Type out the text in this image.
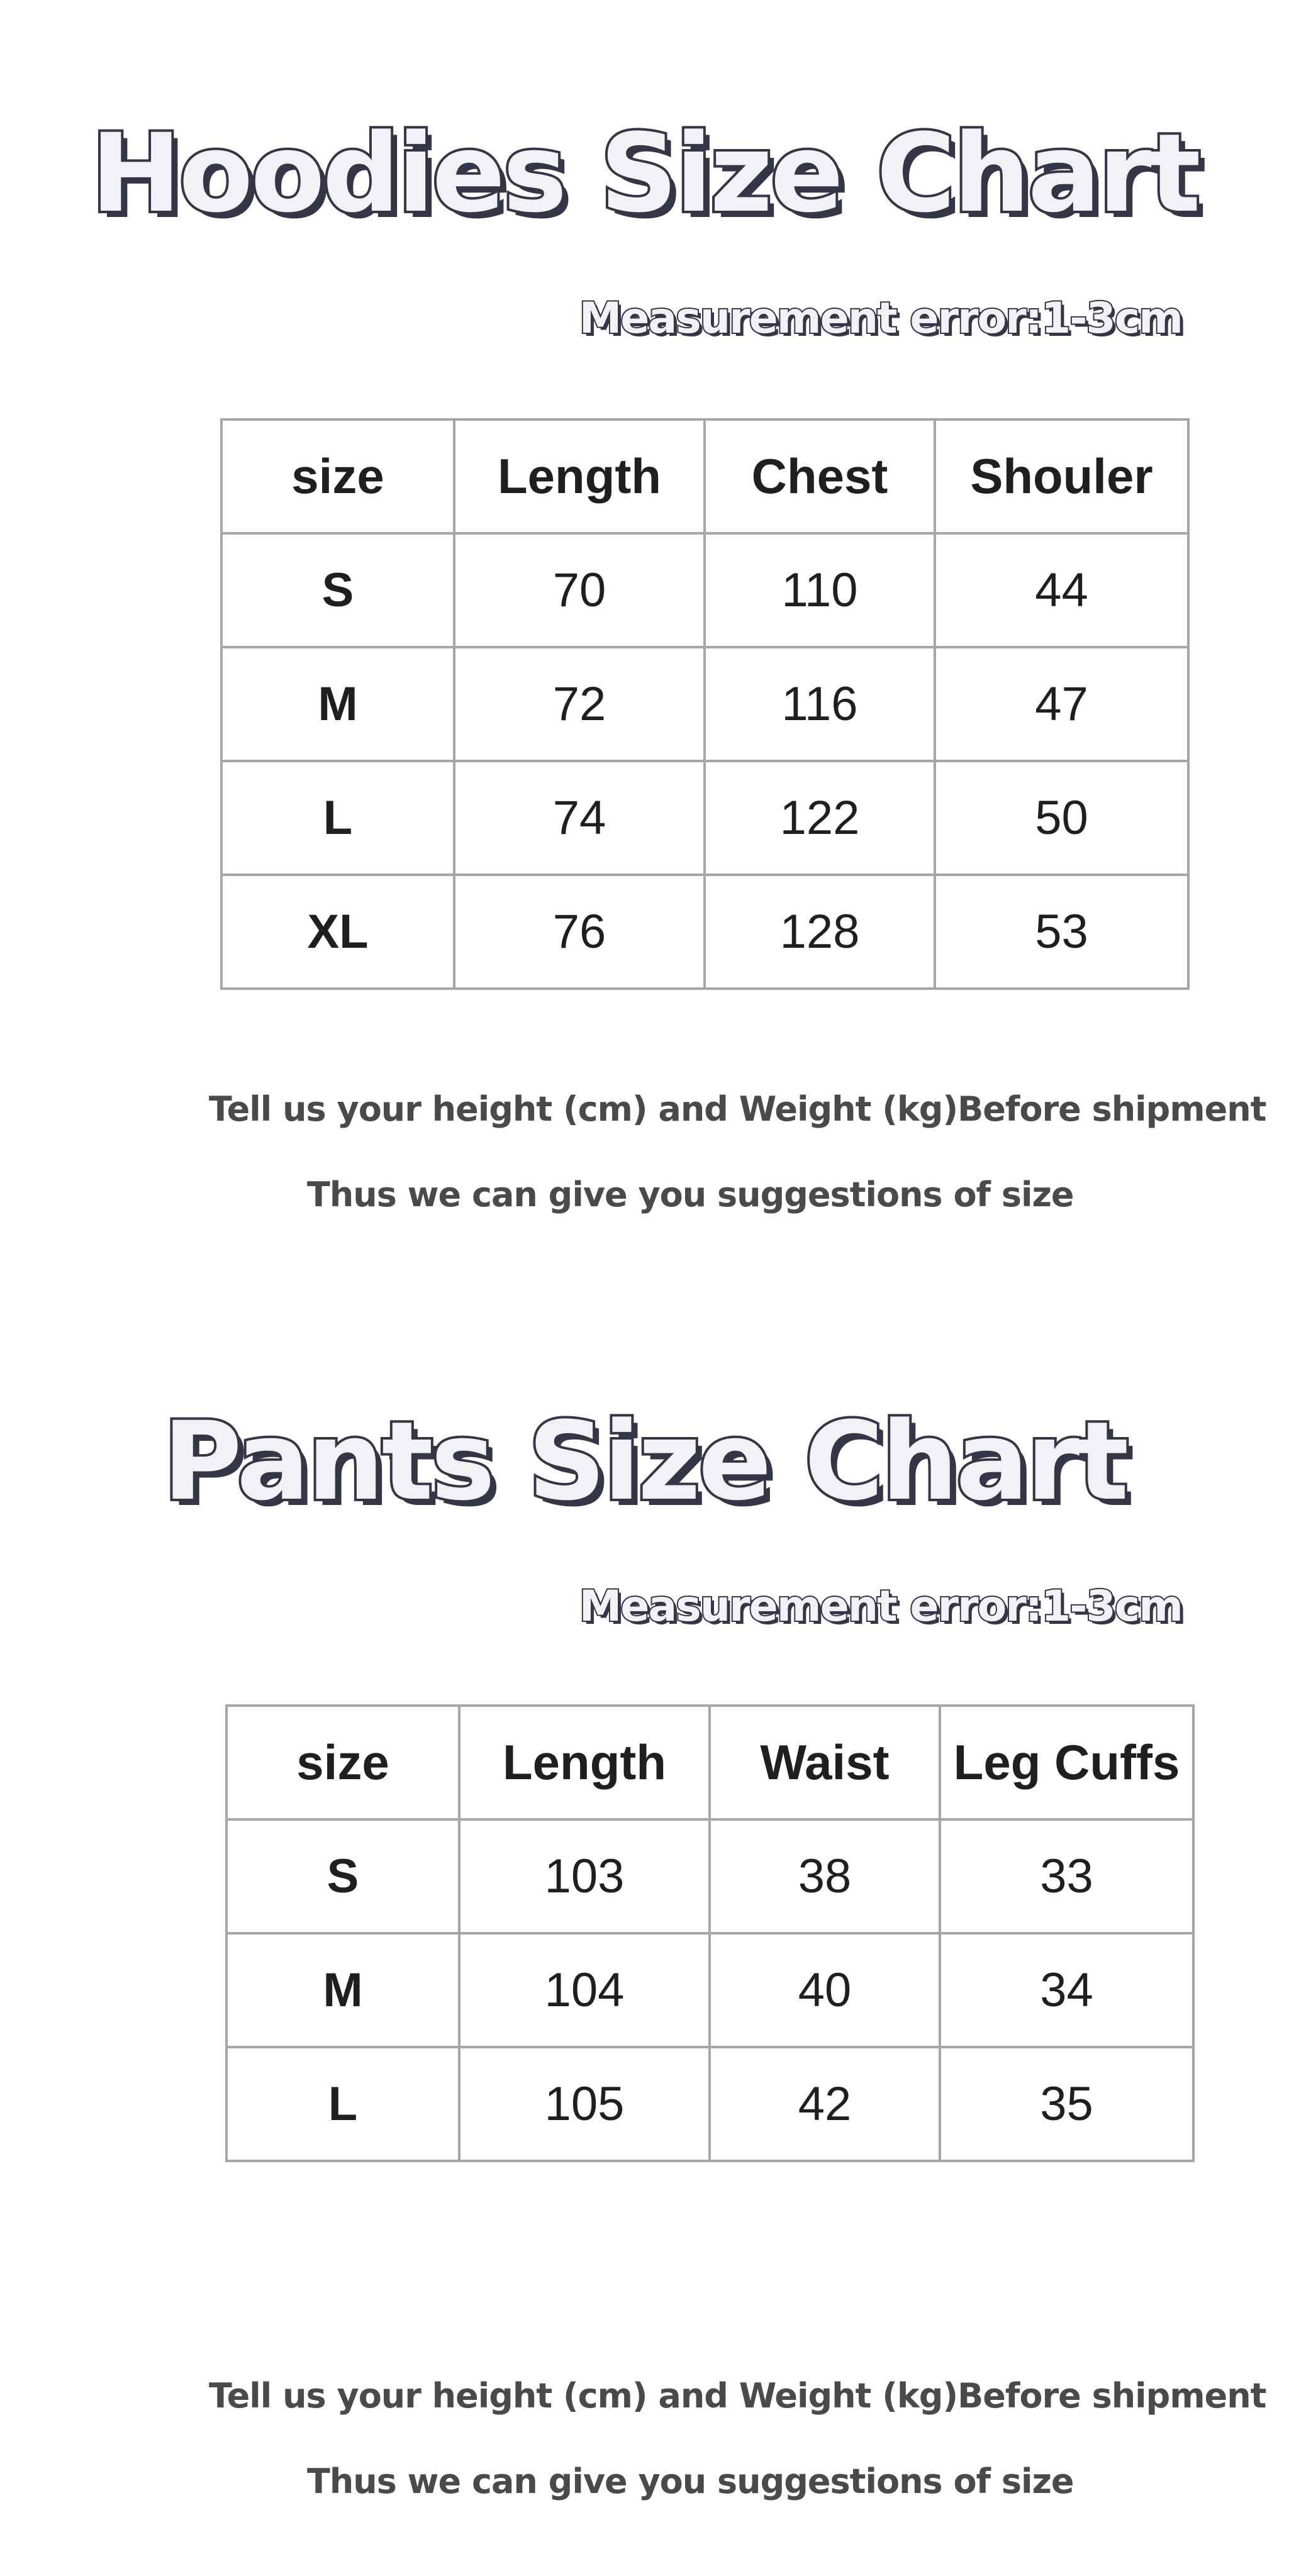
Hoodies Size Chart
Measurement error:1-3cm
size	Length	Chest	Shouler
S	70	110	44
M	72	116	47
L	74	122	50
XL	76	128	53
Tell us your height (cm) and Weight (kg)Before shipment
Thus we can give you suggestions of size
Pants Size Chart
Measurement error:1-3cm
size	Length	Waist	Leg Cuffs
S	103	38	33
M	104	40	34
L	105	42	35
Tell us your height (cm) and Weight (kg)Before shipment
Thus we can give you suggestions of size
